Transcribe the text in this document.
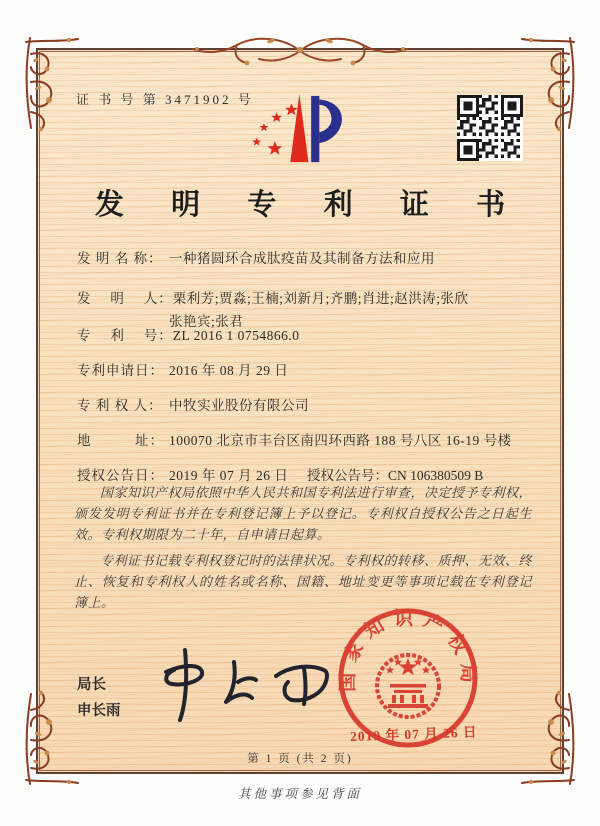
证 书 号 第 3471902 号
发 明 专 利 证 书
发 明 名 称： 一种猪圆环合成肽疫苗及其制备方法和应用
发　 明　 人：栗利芳;贾淼;王楠;刘新月;齐鹏;肖进;赵洪涛;张欣
张艳宾;张君
专　 利　 号：ZL 2016 1 0754866.0
专利申请日： 2016 年 08 月 29 日
专 利 权 人： 中牧实业股份有限公司
地　　　址： 100070 北京市丰台区南四环西路 188 号八区 16-19 号楼
授权公告日： 2019 年 07 月 26 日 授权公告号：CN 106380509 B

国家知识产权局依照中华人民共和国专利法进行审查，决定授予专利权，颁发发明专利证书并在专利登记簿上予以登记。专利权自授权公告之日起生效。专利权期限为二十年，自申请日起算。

专利证书记载专利权登记时的法律状况。专利权的转移、质押、无效、终止、恢复和专利权人的姓名或名称、国籍、地址变更等事项记载在专利登记簿上。

局长
申长雨
国家知识产权局
2019 年 07 月 26 日
第 1 页 (共 2 页)
其他事项参见背面
